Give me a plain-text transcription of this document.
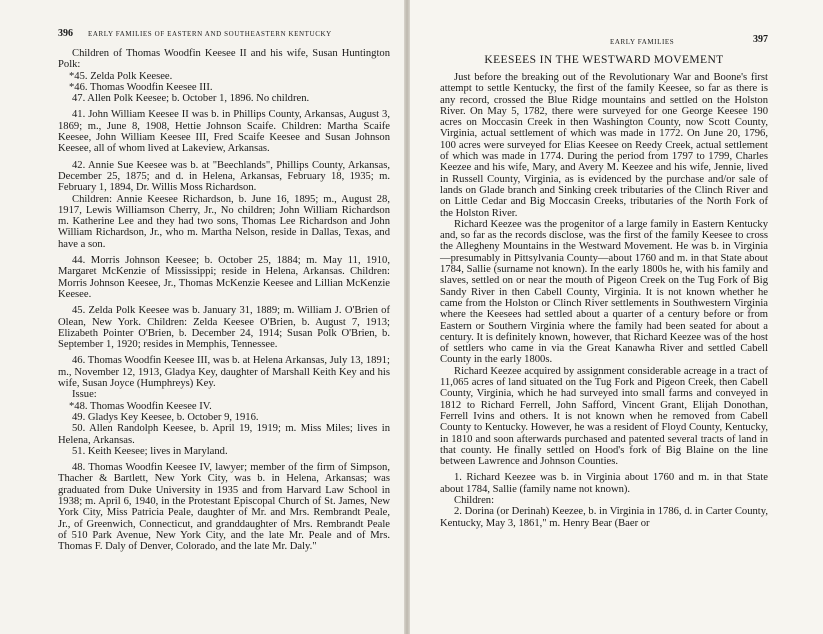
396 EARLY FAMILIES OF EASTERN AND SOUTHEASTERN KENTUCKY

Children of Thomas Woodfin Keesee II and his wife, Susan Huntington Polk:

*45. Zelda Polk Keesee.

*46. Thomas Woodfin Keesee III.

47. Allen Polk Keesee; b. October 1, 1896. No children.

41. John William Keesee II was b. in Phillips County, Arkansas, August 3, 1869; m., June 8, 1908, Hettie Johnson Scaife. Children: Martha Scaife Keesee, John William Keesee III, Fred Scaife Keesee and Susan Johnson Keesee, all of whom lived at Lakeview, Arkansas.

42. Annie Sue Keesee was b. at "Beechlands", Phillips County, Arkansas, December 25, 1875; and d. in Helena, Arkansas, February 18, 1935; m. February 1, 1894, Dr. Willis Moss Richardson.

Children: Annie Keesee Richardson, b. June 16, 1895; m., August 28, 1917, Lewis Williamson Cherry, Jr., No children; John William Richardson m. Katherine Lee and they had two sons, Thomas Lee Richardson and John William Richardson, Jr., who m. Martha Nelson, reside in Dallas, Texas, and have a son.

44. Morris Johnson Keesee; b. October 25, 1884; m. May 11, 1910, Margaret McKenzie of Mississippi; reside in Helena, Arkansas. Children: Morris Johnson Keesee, Jr., Thomas McKenzie Keesee and Lillian McKenzie Keesee.

45. Zelda Polk Keesee was b. January 31, 1889; m. William J. O'Brien of Olean, New York. Children: Zelda Keesee O'Brien, b. August 7, 1913; Elizabeth Pointer O'Brien, b. December 24, 1914; Susan Polk O'Brien, b. September 1, 1920; resides in Memphis, Tennessee.

46. Thomas Woodfin Keesee III, was b. at Helena Arkansas, July 13, 1891; m., November 12, 1913, Gladya Key, daughter of Marshall Keith Key and his wife, Susan Joyce (Humphreys) Key.

Issue:

*48. Thomas Woodfin Keesee IV.

49. Gladys Key Keesee, b. October 9, 1916.

50. Allen Randolph Keesee, b. April 19, 1919; m. Miss Miles; lives in Helena, Arkansas.

51. Keith Keesee; lives in Maryland.

48. Thomas Woodfin Keesee IV, lawyer; member of the firm of Simpson, Thacher & Bartlett, New York City, was b. in Helena, Arkansas; was graduated from Duke University in 1935 and from Harvard Law School in 1938; m. April 6, 1940, in the Protestant Episcopal Church of St. James, New York City, Miss Patricia Peale, daughter of Mr. and Mrs. Rembrandt Peale, Jr., of Greenwich, Connecticut, and granddaughter of Mrs. Rembrandt Peale of 510 Park Avenue, New York City, and the late Mr. Peale and of Mrs. Thomas F. Daly of Denver, Colorado, and the late Mr. Daly."

EARLY FAMILIES	397
KEESEES IN THE WESTWARD MOVEMENT

Just before the breaking out of the Revolutionary War and Boone's first attempt to settle Kentucky, the first of the family Keesee, so far as there is any record, crossed the Blue Ridge mountains and settled on the Holston River. On May 5, 1782, there were surveyed for one George Keesee 190 acres on Moccasin Creek in then Washington County, now Scott County, Virginia, actual settlement of which was made in 1772. On June 20, 1796, 100 acres were surveyed for Elias Keesee on Reedy Creek, actual settlement of which was made in 1774. During the period from 1797 to 1799, Charles Keezee and his wife, Mary, and Avery M. Keezee and his wife, Jennie, lived in Russell County, Virginia, as is evidenced by the purchase and/or sale of lands on Glade branch and Sinking creek tributaries of the Clinch River and on Little Cedar and Big Moccasin Creeks, tributaries of the North Fork of the Holston River.

Richard Keezee was the progenitor of a large family in Eastern Kentucky and, so far as the records disclose, was the first of the family Keesee to cross the Allegheny Mountains in the Westward Movement. He was b. in Virginia—presumably in Pittsylvania County—about 1760 and m. in that State about 1784, Sallie (surname not known). In the early 1800s he, with his family and slaves, settled on or near the mouth of Pigeon Creek on the Tug Fork of Big Sandy River in then Cabell County, Virginia. It is not known whether he came from the Holston or Clinch River settlements in Southwestern Virginia where the Keesees had settled about a quarter of a century before or from Eastern or Southern Virginia where the family had been seated for about a century. It is definitely known, however, that Richard Keezee was of the host of settlers who came in via the Great Kanawha River and settled Cabell County in the early 1800s.

Richard Keezee acquired by assignment considerable acreage in a tract of 11,065 acres of land situated on the Tug Fork and Pigeon Creek, then Cabell County, Virginia, which he had surveyed into small farms and conveyed in 1812 to Richard Ferrell, John Safford, Vincent Grant, Elijah Donothan, Ferrell Ivins and others. It is not known when he removed from Cabell County to Kentucky. However, he was a resident of Floyd County, Kentucky, in 1810 and soon afterwards purchased and patented several tracts of land in that county. He finally settled on Hood's fork of Big Blaine on the line between Lawrence and Johnson Counties.

1. Richard Keezee was b. in Virginia about 1760 and m. in that State about 1784, Sallie (family name not known).

Children:

2. Dorina (or Derinah) Keezee, b. in Virginia in 1786, d. in Carter County, Kentucky, May 3, 1861," m. Henry Bear (Baer or
